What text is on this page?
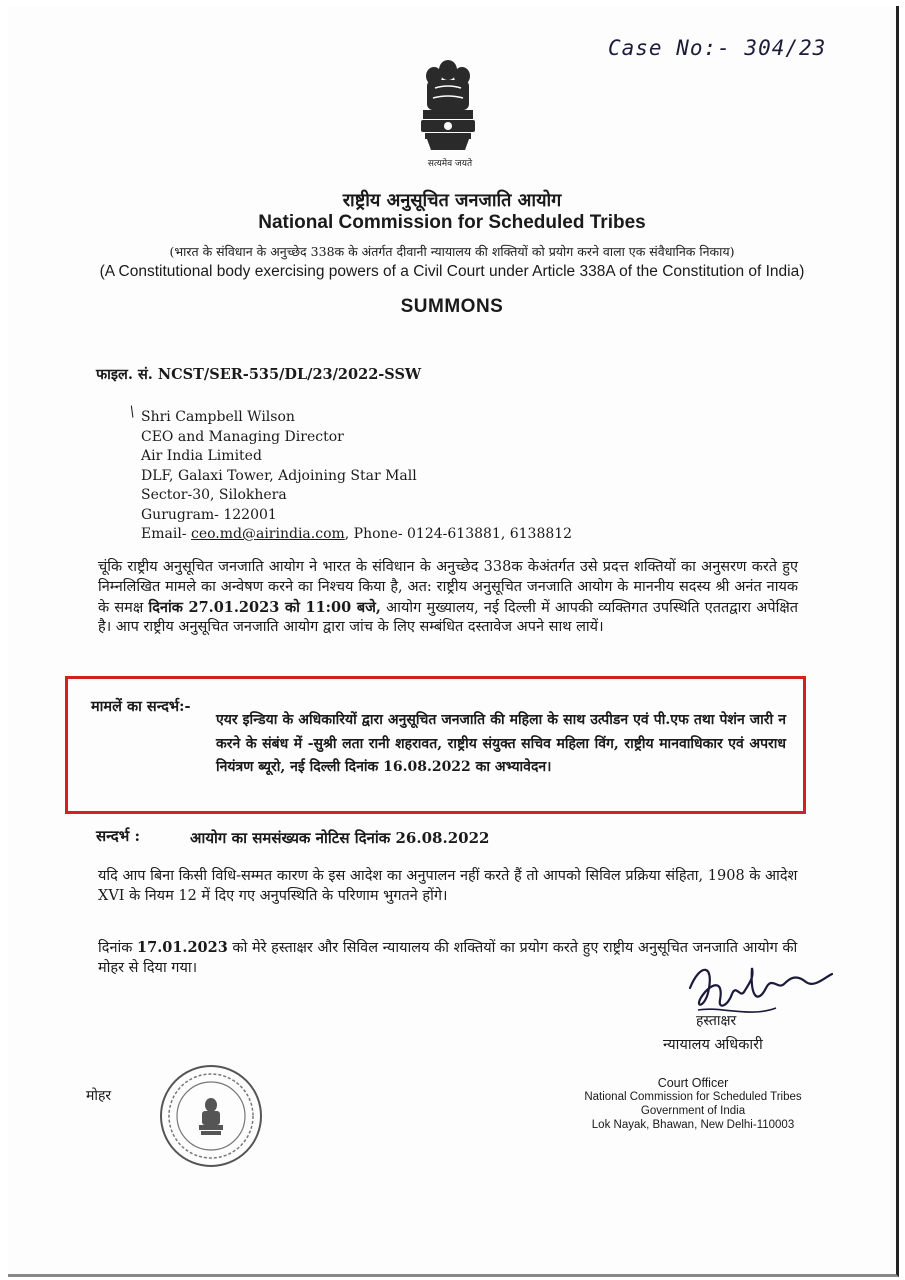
Case No:- 304/23
सत्यमेव जयते
राष्ट्रीय अनुसूचित जनजाति आयोग
National Commission for Scheduled Tribes
(भारत के संविधान के अनुच्छेद 338क के अंतर्गत दीवानी न्यायालय की शक्तियों को प्रयोग करने वाला एक संवैधानिक निकाय)
(A Constitutional body exercising powers of a Civil Court under Article 338A of the Constitution of India)
SUMMONS
फाइल. सं. NCST/SER-535/DL/23/2022-SSW
/ Shri Campbell Wilson
CEO and Managing Director
Air India Limited
DLF, Galaxi Tower, Adjoining Star Mall
Sector-30, Silokhera
Gurugram- 122001
Email- ceo.md@airindia.com, Phone- 0124-613881, 6138812
चूंकि राष्ट्रीय अनुसूचित जनजाति आयोग ने भारत के संविधान के अनुच्छेद 338क केअंतर्गत उसे प्रदत्त शक्तियों का अनुसरण करते हुए निम्नलिखित मामले का अन्वेषण करने का निश्चय किया है, अत: राष्ट्रीय अनुसूचित जनजाति आयोग के माननीय सदस्य श्री अनंत नायक के समक्ष दिनांक 27.01.2023 को 11:00 बजे, आयोग मुख्यालय, नई दिल्ली में आपकी व्यक्तिगत उपस्थिति एततद्वारा अपेक्षित है। आप राष्ट्रीय अनुसूचित जनजाति आयोग द्वारा जांच के लिए सम्बंधित दस्तावेज अपने साथ लायें।
मामलें का सन्दर्भ:-
एयर इन्डिया के अधिकारियों द्वारा अनुसूचित जनजाति की महिला के साथ उत्पीडन एवं पी.एफ तथा पेशंन जारी न करने के संबंध में -सुश्री लता रानी शहरावत, राष्ट्रीय संयुक्त सचिव महिला विंग, राष्ट्रीय मानवाधिकार एवं अपराध नियंत्रण ब्यूरो, नई दिल्ली दिनांक 16.08.2022 का अभ्यावेदन।
सन्दर्भ :	आयोग का समसंख्यक नोटिस दिनांक 26.08.2022
यदि आप बिना किसी विधि-सम्मत कारण के इस आदेश का अनुपालन नहीं करते हैं तो आपको सिविल प्रक्रिया संहिता, 1908 के आदेश XVI के नियम 12 में दिए गए अनुपस्थिति के परिणाम भुगतने होंगे।
दिनांक 17.01.2023 को मेरे हस्ताक्षर और सिविल न्यायालय की शक्तियों का प्रयोग करते हुए राष्ट्रीय अनुसूचित जनजाति आयोग की मोहर से दिया गया।
हस्ताक्षर
न्यायालय अधिकारी
मोहर
Court Officer
National Commission for Scheduled Tribes
Government of India
Lok Nayak, Bhawan, New Delhi-110003
